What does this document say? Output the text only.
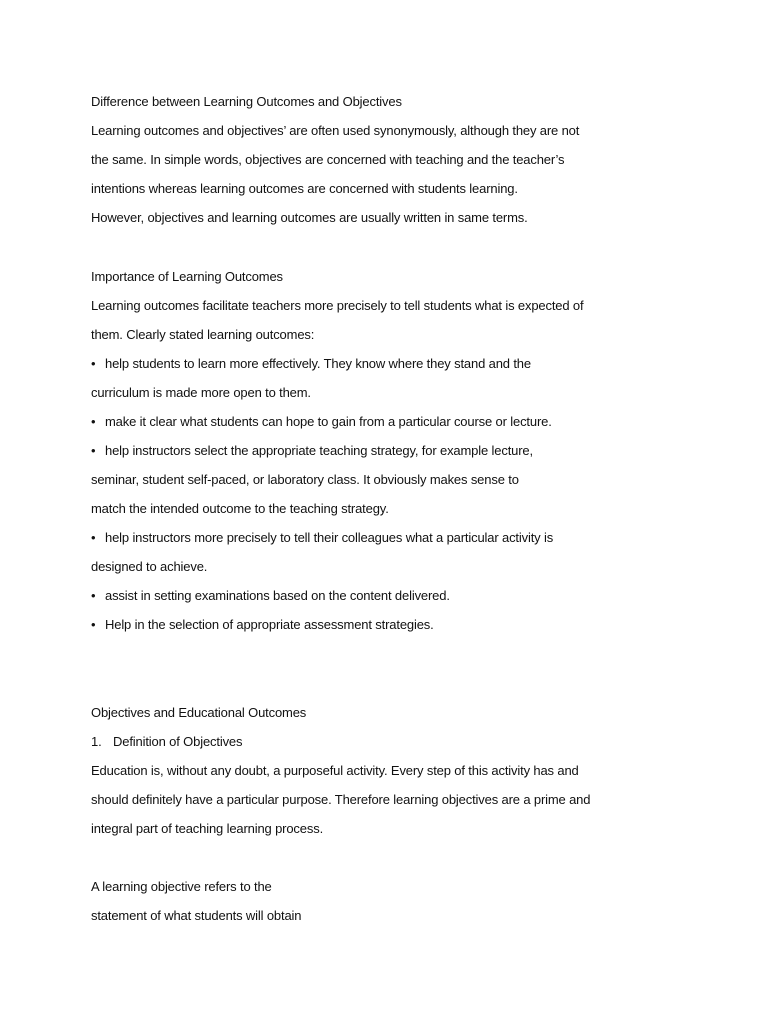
Difference between Learning Outcomes and Objectives
Learning outcomes and objectives’ are often used synonymously, although they are not
the same. In simple words, objectives are concerned with teaching and the teacher’s
intentions whereas learning outcomes are concerned with students learning.
However, objectives and learning outcomes are usually written in same terms.
Importance of Learning Outcomes
Learning outcomes facilitate teachers more precisely to tell students what is expected of
them. Clearly stated learning outcomes:
• help students to learn more effectively. They know where they stand and the
curriculum is made more open to them.
• make it clear what students can hope to gain from a particular course or lecture.
• help instructors select the appropriate teaching strategy, for example lecture,
seminar, student self-paced, or laboratory class. It obviously makes sense to
match the intended outcome to the teaching strategy.
• help instructors more precisely to tell their colleagues what a particular activity is
designed to achieve.
• assist in setting examinations based on the content delivered.
• Help in the selection of appropriate assessment strategies.
Objectives and Educational Outcomes
1. Definition of Objectives
Education is, without any doubt, a purposeful activity. Every step of this activity has and
should definitely have a particular purpose. Therefore learning objectives are a prime and
integral part of teaching learning process.
A learning objective refers to the
statement of what students will obtain
